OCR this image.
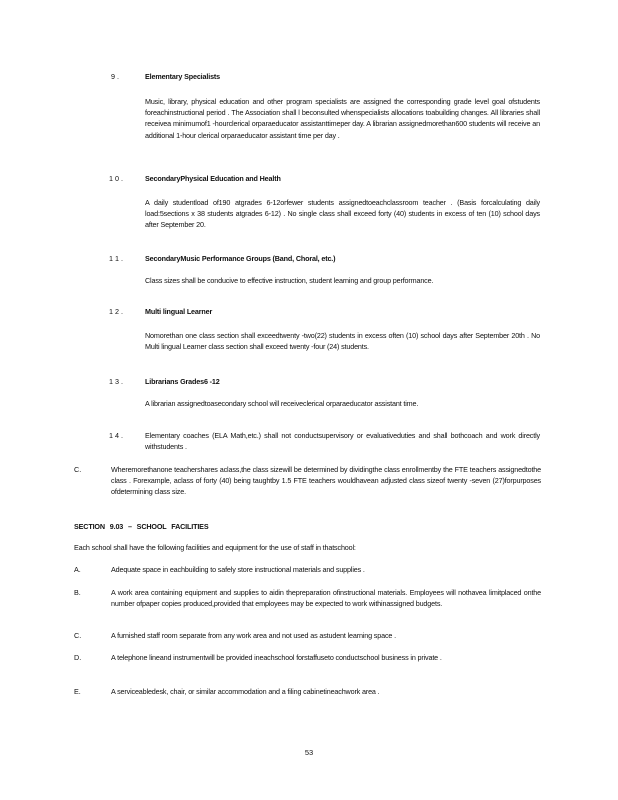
9 .	Elementary Specialists
Music, library, physical education and other program specialists are assigned the corresponding grade level goal ofstudents foreachinstructional period . The Association shall l beconsulted whenspecialists allocations toabuilding changes. All libraries shall receivea minimumof1 -hourclerical orparaeducator assistanttimeper day. A librarian assignedmorethan600 students will receive an additional 1-hour clerical orparaeducator assistant time per day .
1 0 .	SecondaryPhysical Education and Health
A daily studentload of190 atgrades 6-12orfewer students assignedtoeachclassroom teacher . (Basis forcalculating daily load:5sections x 38 students atgrades 6-12) . No single class shall exceed forty (40) students in excess of ten (10) school days after September 20.
1 1 .	SecondaryMusic Performance Groups (Band, Choral, etc.)
Class sizes shall be conducive to effective instruction, student learning and group performance.
1 2 .	Multi lingual Learner
Nomorethan one class section shall exceedtwenty -two(22) students in excess often (10) school days after September 20th . No Multi lingual Learner class section shall exceed twenty -four (24) students.
1 3 .	Librarians Grades6 -12
A librarian assignedtoasecondary school will receiveclerical orparaeducator assistant time.
1 4 .	Elementary coaches (ELA Math,etc.) shall not conductsupervisory or evaluativeduties and shall bothcoach and work directly withstudents .
C.	Wheremorethanone teachershares aclass,the class sizewill be determined by dividingthe class enrollmentby the FTE teachers assignedtothe class . Forexample, aclass of forty (40) being taughtby 1.5 FTE teachers wouldhavean adjusted class sizeof twenty -seven (27)forpurposes ofdetermining class size.
SECTION 9.03 – SCHOOL FACILITIES
Each school shall have the following facilities and equipment for the use of staff in thatschool:
A.	Adequate space in eachbuilding to safely store instructional materials and supplies .
B.	A work area containing equipment and supplies to aidin thepreparation ofinstructional materials. Employees will nothavea limitplaced onthe number ofpaper copies produced,provided that employees may be expected to work withinassigned budgets.
C.	A furnished staff room separate from any work area and not used as astudent learning space .
D.	A telephone lineand instrumentwill be provided ineachschool forstaffuseto conductschool business in private .
E.	A serviceabledesk, chair, or similar accommodation and a filing cabinetineachwork area .
53
